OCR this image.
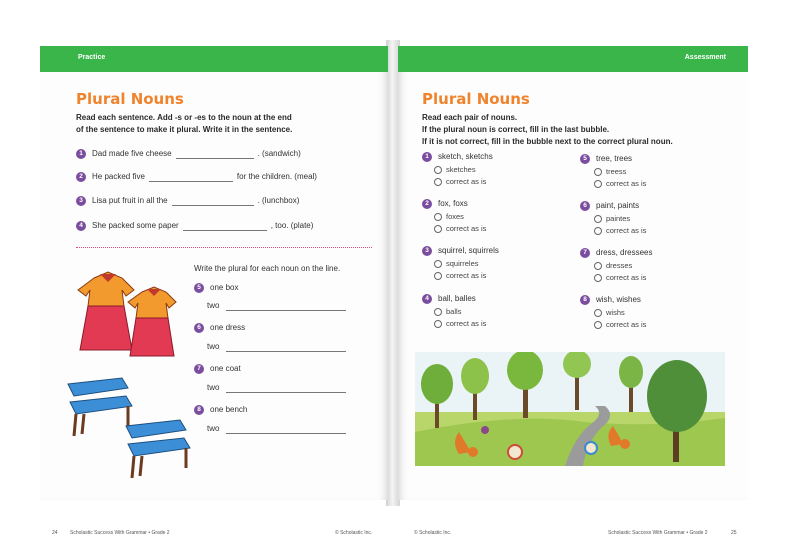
Practice
Plural Nouns
Read each sentence. Add -s or -es to the noun at the end
of the sentence to make it plural. Write it in the sentence.
1 Dad made five cheese	. (sandwich)
2 He packed five	for the children. (meal)
3 Lisa put fruit in all the	. (lunchbox)
4 She packed some paper	, too. (plate)
Write the plural for each noun on the line.
5 one box
two
6 one dress
two
7 one coat
two
8 one bench
two
24 Scholastic Success With Grammar • Grade 2	© Scholastic Inc.
Assessment
Plural Nouns
Read each pair of nouns.
If the plural noun is correct, fill in the last bubble.
If it is not correct, fill in the bubble next to the correct plural noun.
1 sketch, sketchs
sketches
correct as is
2 fox, foxs
foxes
correct as is
3 squirrel, squirrels
squirreles
correct as is
4 ball, balles
balls
correct as is
5 tree, trees
treess
correct as is
6 paint, paints
paintes
correct as is
7 dress, dressees
dresses
correct as is
8 wish, wishes
wishs
correct as is
© Scholastic Inc.	Scholastic Success With Grammar • Grade 2	25
